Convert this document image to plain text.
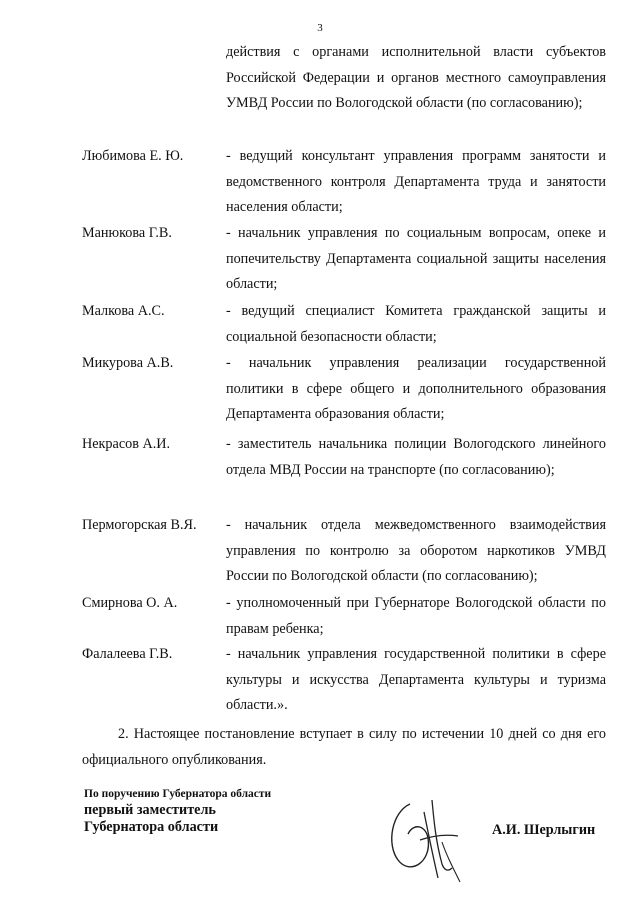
3
действия с органами исполнительной власти субъектов Российской Федерации и органов местного самоуправления УМВД России по Вологодской области (по согласованию);
Любимова Е. Ю.	- ведущий консультант управления программ занятости и ведомственного контроля Департамента труда и занятости населения области;
Манюкова Г.В.	- начальник управления по социальным вопросам, опеке и попечительству Департамента социальной защиты населения области;
Малкова А.С.	- ведущий специалист Комитета гражданской защиты и социальной безопасности области;
Микурова А.В.	- начальник управления реализации государственной политики в сфере общего и дополнительного образования Департамента образования области;
Некрасов А.И.	- заместитель начальника полиции Вологодского линейного отдела МВД России на транспорте (по согласованию);
Пермогорская В.Я.	- начальник отдела межведомственного взаимодействия управления по контролю за оборотом наркотиков УМВД России по Вологодской области (по согласованию);
Смирнова О. А.	- уполномоченный при Губернаторе Вологодской области по правам ребенка;
Фалалеева Г.В.	- начальник управления государственной политики в сфере культуры и искусства Департамента культуры и туризма области.».
2. Настоящее постановление вступает в силу по истечении 10 дней со дня его официального опубликования.
По поручению Губернатора области
первый заместитель
Губернатора области	А.И. Шерлыгин
